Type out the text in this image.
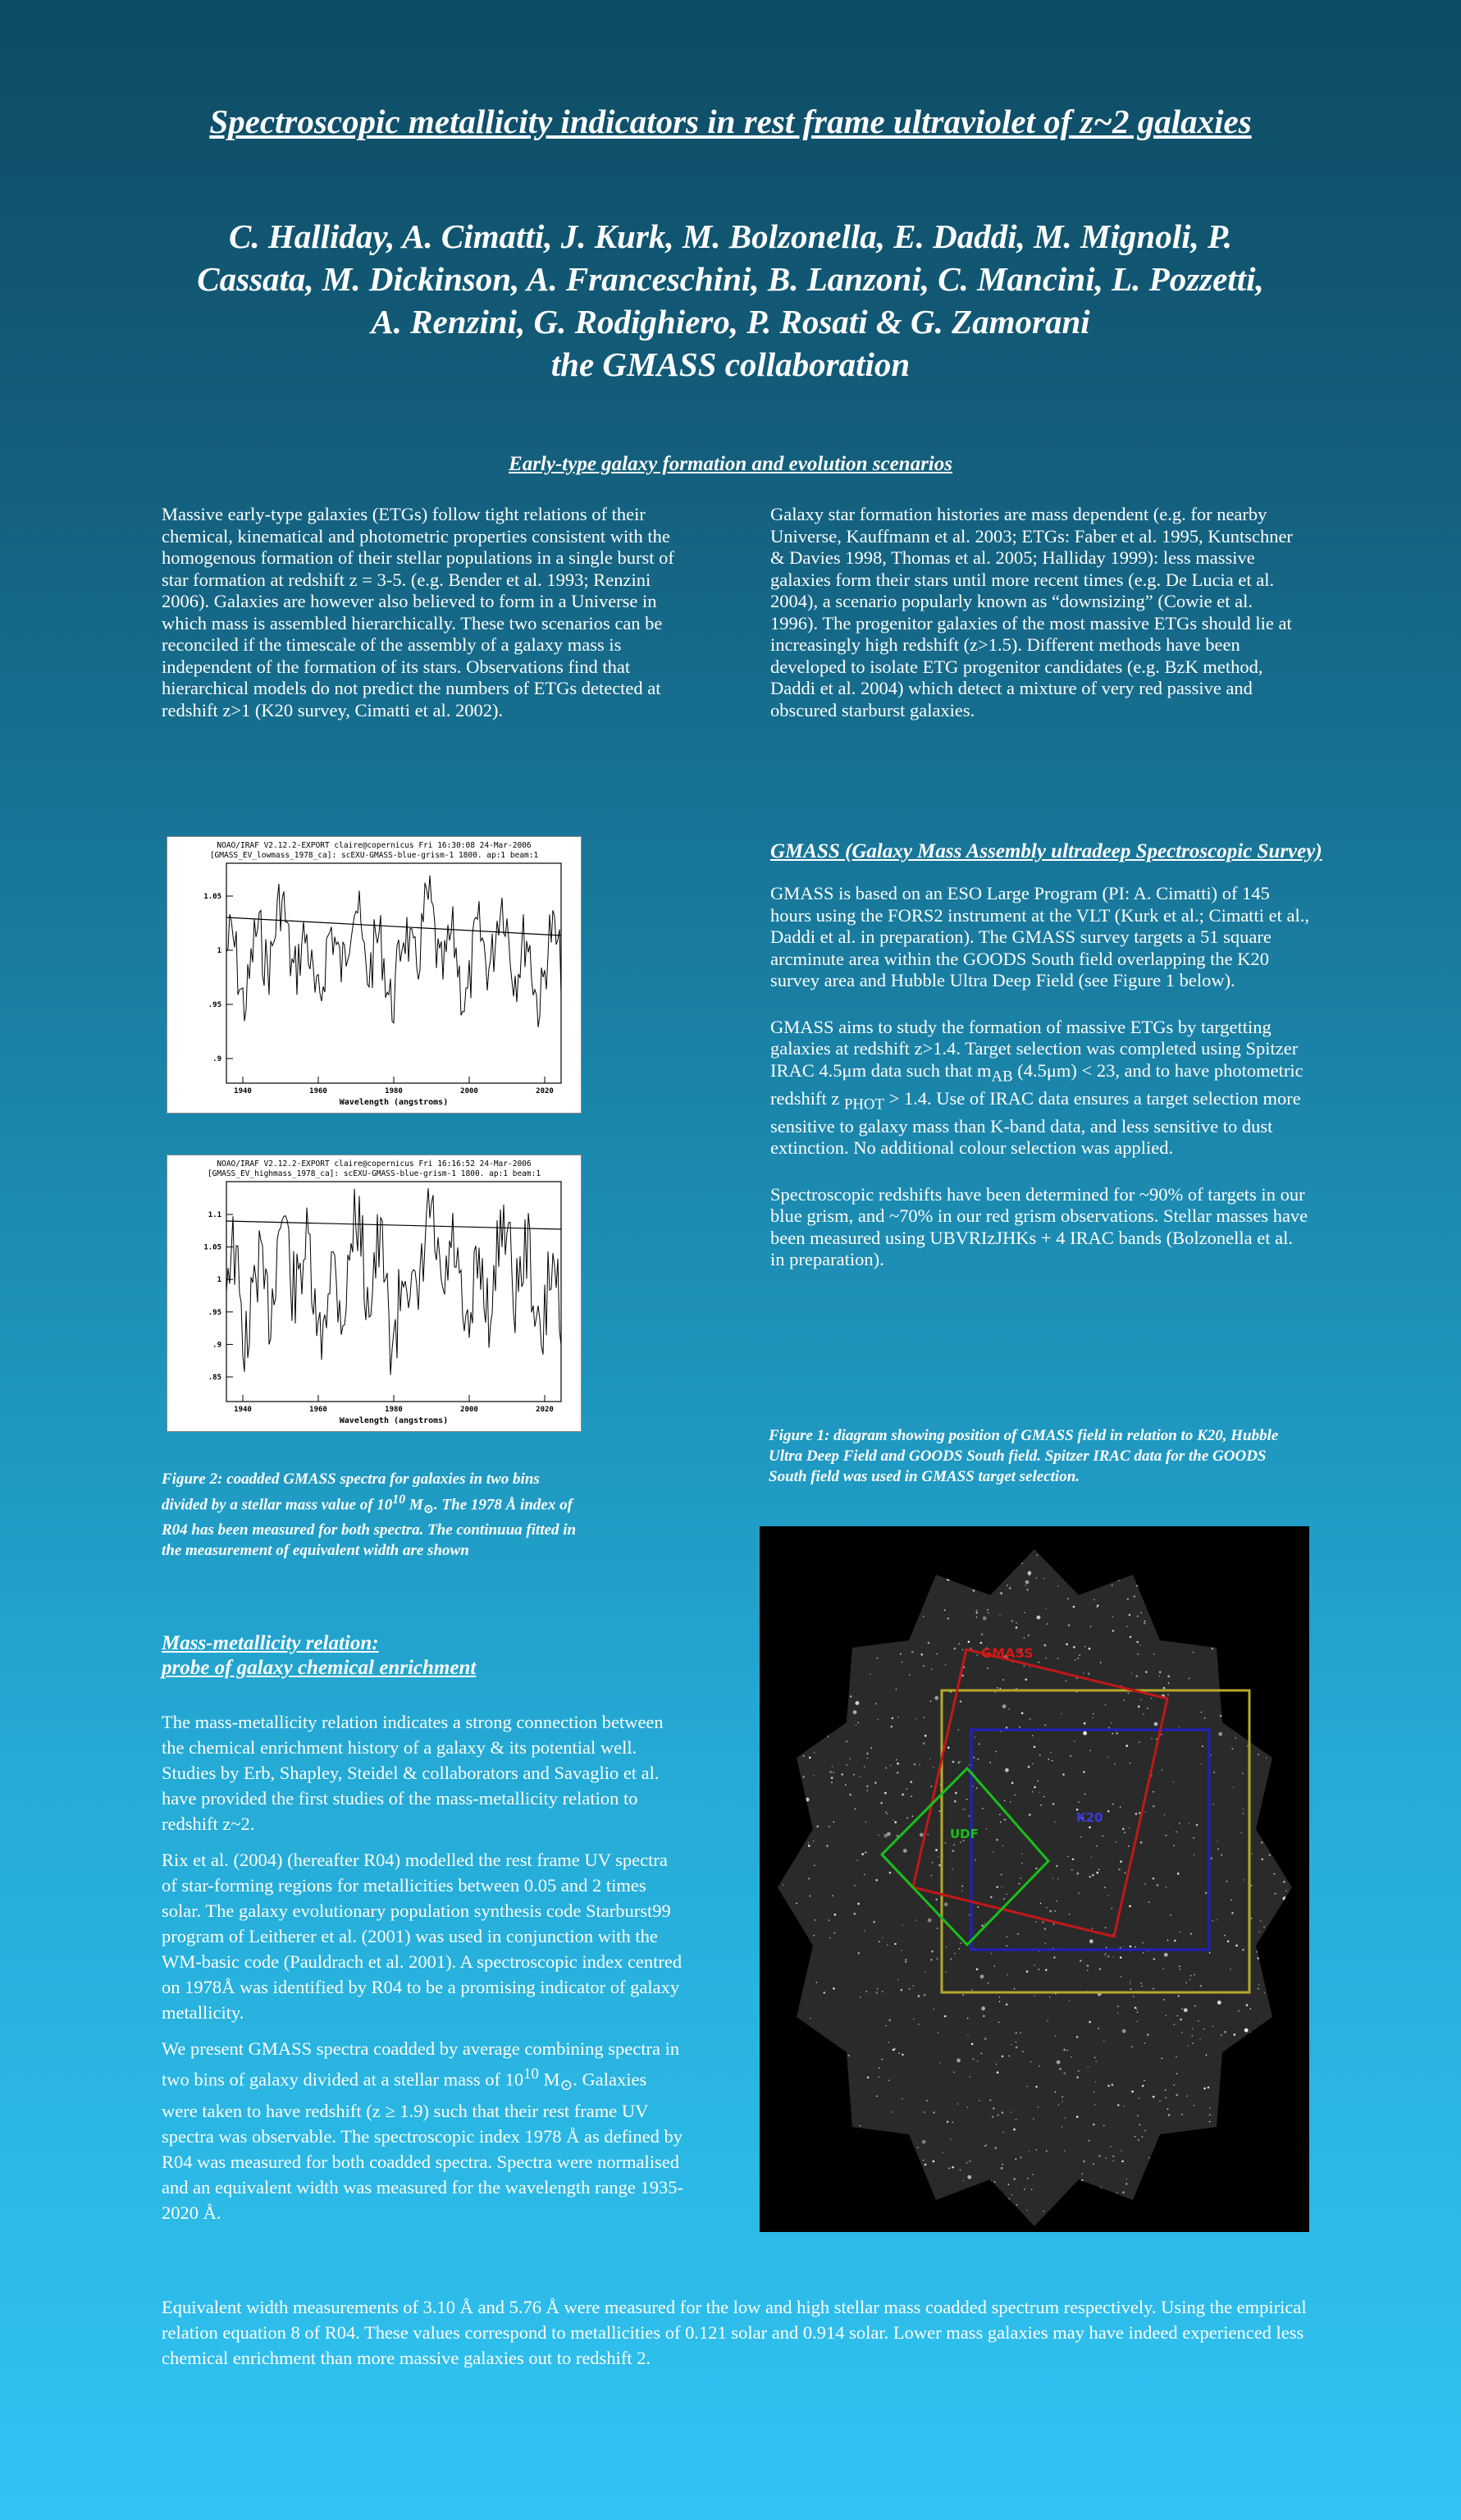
Spectroscopic metallicity indicators in rest frame ultraviolet of z~2 galaxies
C. Halliday, A. Cimatti, J. Kurk, M. Bolzonella, E. Daddi, M. Mignoli, P.
Cassata, M. Dickinson, A. Franceschini, B. Lanzoni, C. Mancini, L. Pozzetti,
A. Renzini, G. Rodighiero, P. Rosati & G. Zamorani
the GMASS collaboration
Early-type galaxy formation and evolution scenarios

Massive early-type galaxies (ETGs) follow tight relations of their chemical, kinematical and photometric properties consistent with the homogenous formation of their stellar populations in a single burst of star formation at redshift z = 3-5. (e.g. Bender et al. 1993; Renzini 2006). Galaxies are however also believed to form in a Universe in which mass is assembled hierarchically. These two scenarios can be reconciled if the timescale of the assembly of a galaxy mass is independent of the formation of its stars. Observations find that hierarchical models do not predict the numbers of ETGs detected at redshift z>1 (K20 survey, Cimatti et al. 2002).

Galaxy star formation histories are mass dependent (e.g. for nearby Universe, Kauffmann et al. 2003; ETGs: Faber et al. 1995, Kuntschner & Davies 1998, Thomas et al. 2005; Halliday 1999): less massive galaxies form their stars until more recent times (e.g. De Lucia et al. 2004), a scenario popularly known as “downsizing” (Cowie et al. 1996). The progenitor galaxies of the most massive ETGs should lie at increasingly high redshift (z>1.5). Different methods have been developed to isolate ETG progenitor candidates (e.g. BzK method, Daddi et al. 2004) which detect a mixture of very red passive and obscured starburst galaxies.

NOAO/IRAF V2.12.2-EXPORT claire@copernicus Fri 16:30:08 24-Mar-2006
[GMASS_EV_lowmass_1978_ca]: scEXU-GMASS-blue-grism-1 1800. ap:1 beam:1
1.05
1
.95
.9
1940	1960	1980	2000	2020
Wavelength (angstroms)
NOAO/IRAF V2.12.2-EXPORT claire@copernicus Fri 16:16:52 24-Mar-2006
[GMASS_EV_highmass_1978_ca]: scEXU-GMASS-blue-grism-1 1800. ap:1 beam:1
1.1
1.05
1
.95
.9
.85
1940	1960	1980	2000	2020
Wavelength (angstroms)
Figure 2: coadded GMASS spectra for galaxies in two bins divided by a stellar mass value of $10^{10}$ $M_⊙$. The 1978 Å index of R04 has been measured for both spectra. The continuua fitted in the measurement of equivalent width are shown
Mass-metallicity relation:
probe of galaxy chemical enrichment

The mass-metallicity relation indicates a strong connection between the chemical enrichment history of a galaxy & its potential well. Studies by Erb, Shapley, Steidel & collaborators and Savaglio et al. have provided the first studies of the mass-metallicity relation to redshift z~2.

Rix et al. (2004) (hereafter R04) modelled the rest frame UV spectra of star-forming regions for metallicities between 0.05 and 2 times solar. The galaxy evolutionary population synthesis code Starburst99 program of Leitherer et al. (2001) was used in conjunction with the WM-basic code (Pauldrach et al. 2001). A spectroscopic index centred on 1978Å was identified by R04 to be a promising indicator of galaxy metallicity.

We present GMASS spectra coadded by average combining spectra in two bins of galaxy divided at a stellar mass of $10^{10}$ $M_⊙$. Galaxies were taken to have redshift (z ≥ 1.9) such that their rest frame UV spectra was observable. The spectroscopic index 1978 Å as defined by R04 was measured for both coadded spectra. Spectra were normalised and an equivalent width was measured for the wavelength range 1935-2020 Å.

GMASS (Galaxy Mass Assembly ultradeep Spectroscopic Survey)

GMASS is based on an ESO Large Program (PI: A. Cimatti) of 145 hours using the FORS2 instrument at the VLT (Kurk et al.; Cimatti et al., Daddi et al. in preparation). The GMASS survey targets a 51 square arcminute area within the GOODS South field overlapping the K20 survey area and Hubble Ultra Deep Field (see Figure 1 below).

GMASS aims to study the formation of massive ETGs by targetting galaxies at redshift z>1.4. Target selection was completed using Spitzer IRAC 4.5μm data such that $m_{AB}$ (4.5μm) < 23, and to have photometric redshift z $_{PHOT}$ > 1.4. Use of IRAC data ensures a target selection more sensitive to galaxy mass than K-band data, and less sensitive to dust extinction. No additional colour selection was applied.

Spectroscopic redshifts have been determined for ~90% of targets in our blue grism, and ~70% in our red grism observations. Stellar masses have been measured using UBVRIzJHKs + 4 IRAC bands (Bolzonella et al. in preparation).

Figure 1: diagram showing position of GMASS field in relation to K20, Hubble Ultra Deep Field and GOODS South field. Spitzer IRAC data for the GOODS South field was used in GMASS target selection.
GMASS
UDF
K20
Equivalent width measurements of 3.10 Å and 5.76 Å were measured for the low and high stellar mass coadded spectrum respectively. Using the empirical relation equation 8 of R04. These values correspond to metallicities of 0.121 solar and 0.914 solar. Lower mass galaxies may have indeed experienced less chemical enrichment than more massive galaxies out to redshift 2.
